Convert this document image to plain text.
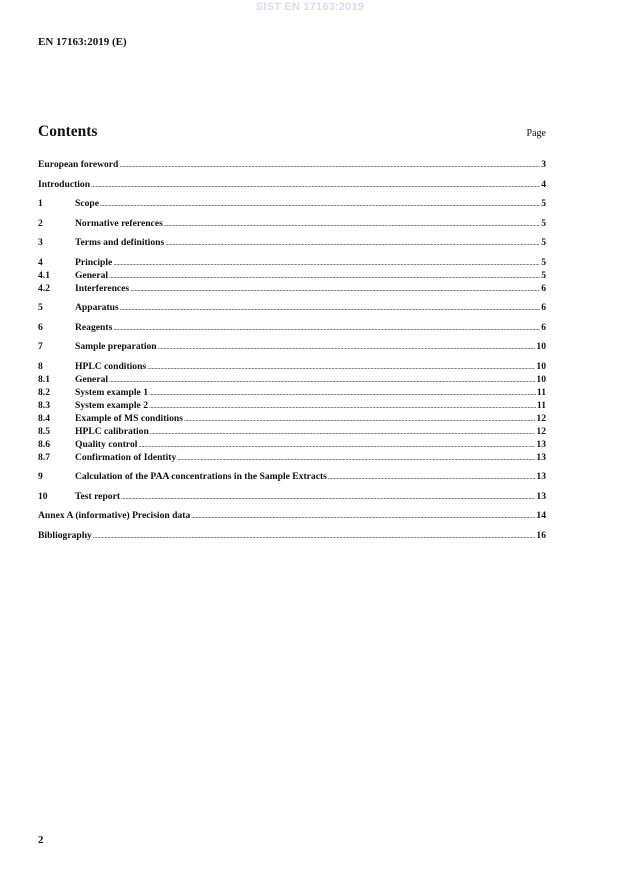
SIST EN 17163:2019
EN 17163:2019 (E)
Contents	Page
European foreword .....	3
Introduction .....	4
1	Scope .....	5
2	Normative references .....	5
3	Terms and definitions .....	5
4	Principle .....	5
4.1	General .....	5
4.2	Interferences .....	6
5	Apparatus .....	6
6	Reagents .....	6
7	Sample preparation .....	10
8	HPLC conditions .....	10
8.1	General .....	10
8.2	System example 1 .....	11
8.3	System example 2 .....	11
8.4	Example of MS conditions .....	12
8.5	HPLC calibration .....	12
8.6	Quality control .....	13
8.7	Confirmation of Identity .....	13
9	Calculation of the PAA concentrations in the Sample Extracts .....	13
10	Test report .....	13
Annex A (informative) Precision data .....	14
Bibliography .....	16
2
